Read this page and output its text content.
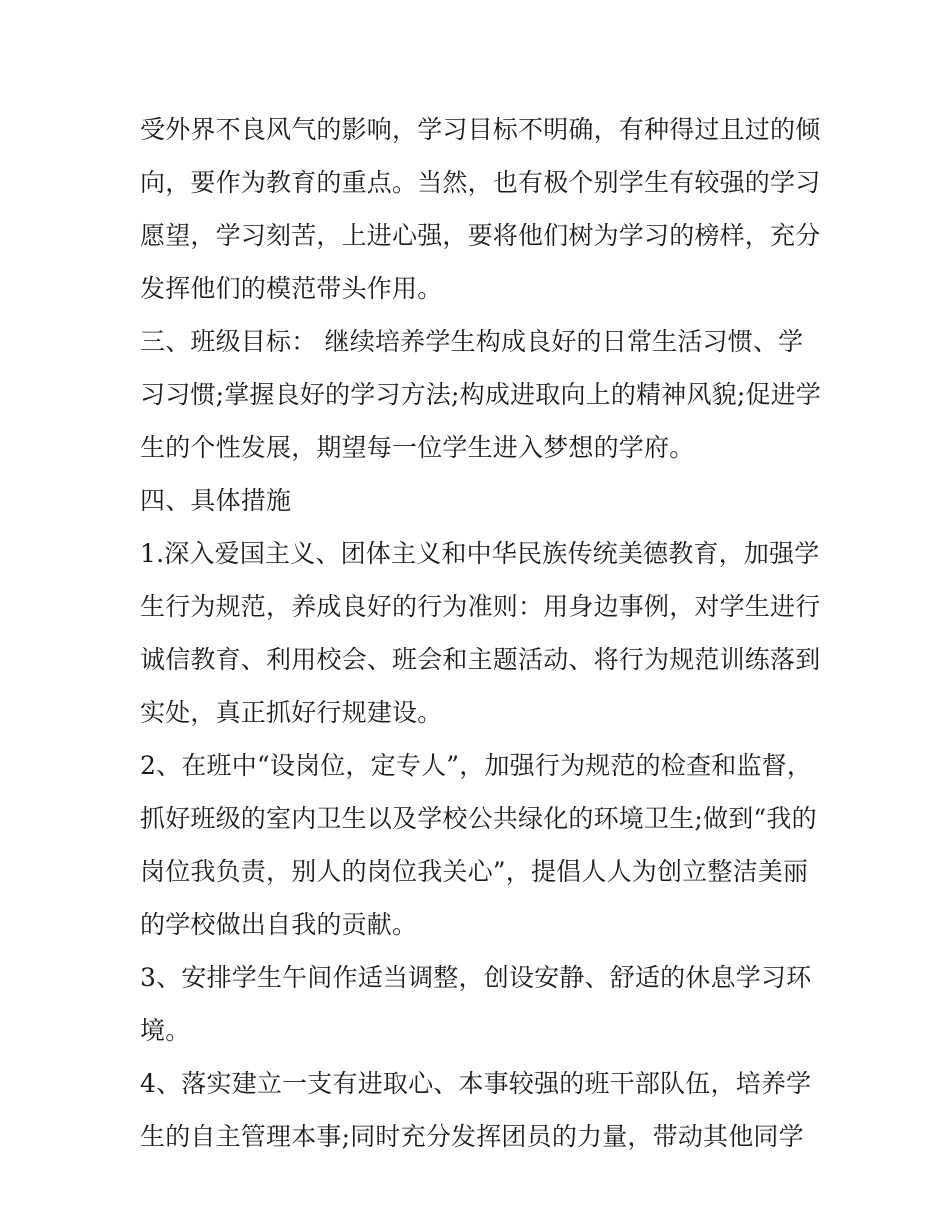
受外界不良风气的影响，学习目标不明确，有种得过且过的倾
向，要作为教育的重点。当然，也有极个别学生有较强的学习
愿望，学习刻苦，上进心强，要将他们树为学习的榜样，充分
发挥他们的模范带头作用。
三、班级目标： 继续培养学生构成良好的日常生活习惯、学
习习惯;掌握良好的学习方法;构成进取向上的精神风貌;促进学
生的个性发展，期望每一位学生进入梦想的学府。
四、具体措施
1.深入爱国主义、团体主义和中华民族传统美德教育，加强学
生行为规范，养成良好的行为准则：用身边事例，对学生进行
诚信教育、利用校会、班会和主题活动、将行为规范训练落到
实处，真正抓好行规建设。
2、在班中“设岗位，定专人”，加强行为规范的检查和监督，
抓好班级的室内卫生以及学校公共绿化的环境卫生;做到“我的
岗位我负责，别人的岗位我关心”，提倡人人为创立整洁美丽
的学校做出自我的贡献。
3、安排学生午间作适当调整，创设安静、舒适的休息学习环
境。
4、落实建立一支有进取心、本事较强的班干部队伍，培养学
生的自主管理本事;同时充分发挥团员的力量，带动其他同学
